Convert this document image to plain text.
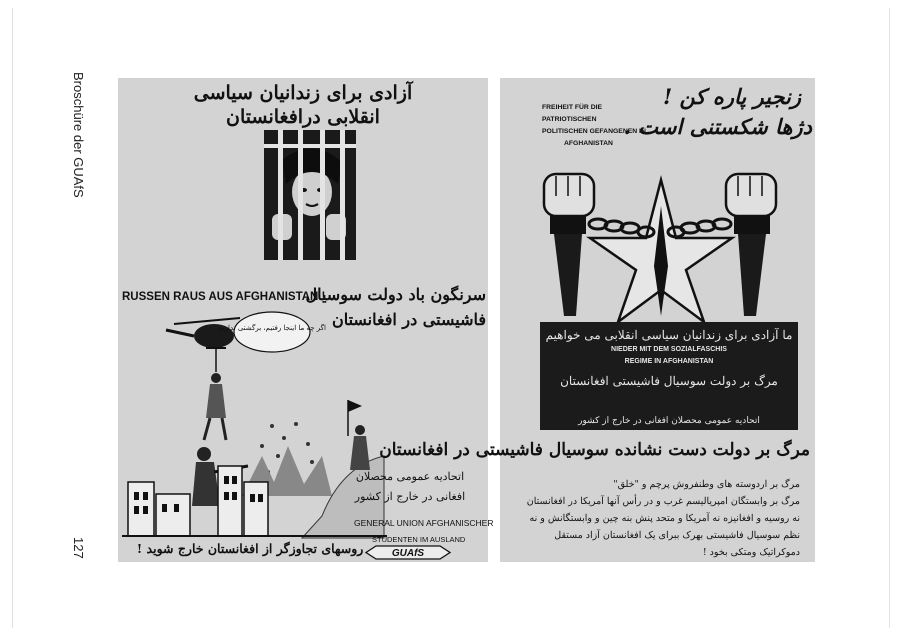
Broschüre der GUAfS
127
آزادی برای زندانیان سیاسی
انقلابی درافغانستان
RUSSEN RAUS AUS AFGHANISTAN !
سرنگون باد دولت سوسیال
فاشیستی در افغانستان
اگر چه ما اینجا رفتیم، برگشتی نداریم
اتحادیه عمومی محصلان
افغانی در خارج از کشور
GENERAL UNION AFGHANISCHER
STUDENTEN IM AUSLAND
GUAfS
روسهای تجاوزگر از افغانستان خارج شوید !
FREIHEIT FÜR DIE
PATRIOTISCHEN
POLITISCHEN GEFANGENEN IN
AFGHANISTAN
زنجیر پاره کن !
دژها شکستنی است .
ما آزادی برای زندانیان سیاسی انقلابی می خواهیم
NIEDER MIT DEM SOZIALFASCHIS
REGIME IN AFGHANISTAN
مرگ بر دولت سوسیال فاشیستی افغانستان
اتحادیه عمومی محصلان افغانی در خارج از کشور
مرگ بر دولت دست نشانده سوسیال فاشیستی در افغانستان
مرگ بر اردوسته های وطنفروش پرچم و "خلق"
مرگ بر وابستگان امپریالیسم غرب و در رأس آنها آمریکا در افغانستان
نه روسیه و افغانیزه نه آمریکا و متحد پنش بنه چین و وابستگانش و نه
نظم سوسیال فاشیستی بهرک ببرای یک افغانستان آزاد مستقل
دموکراتیک ومتکی بخود !
